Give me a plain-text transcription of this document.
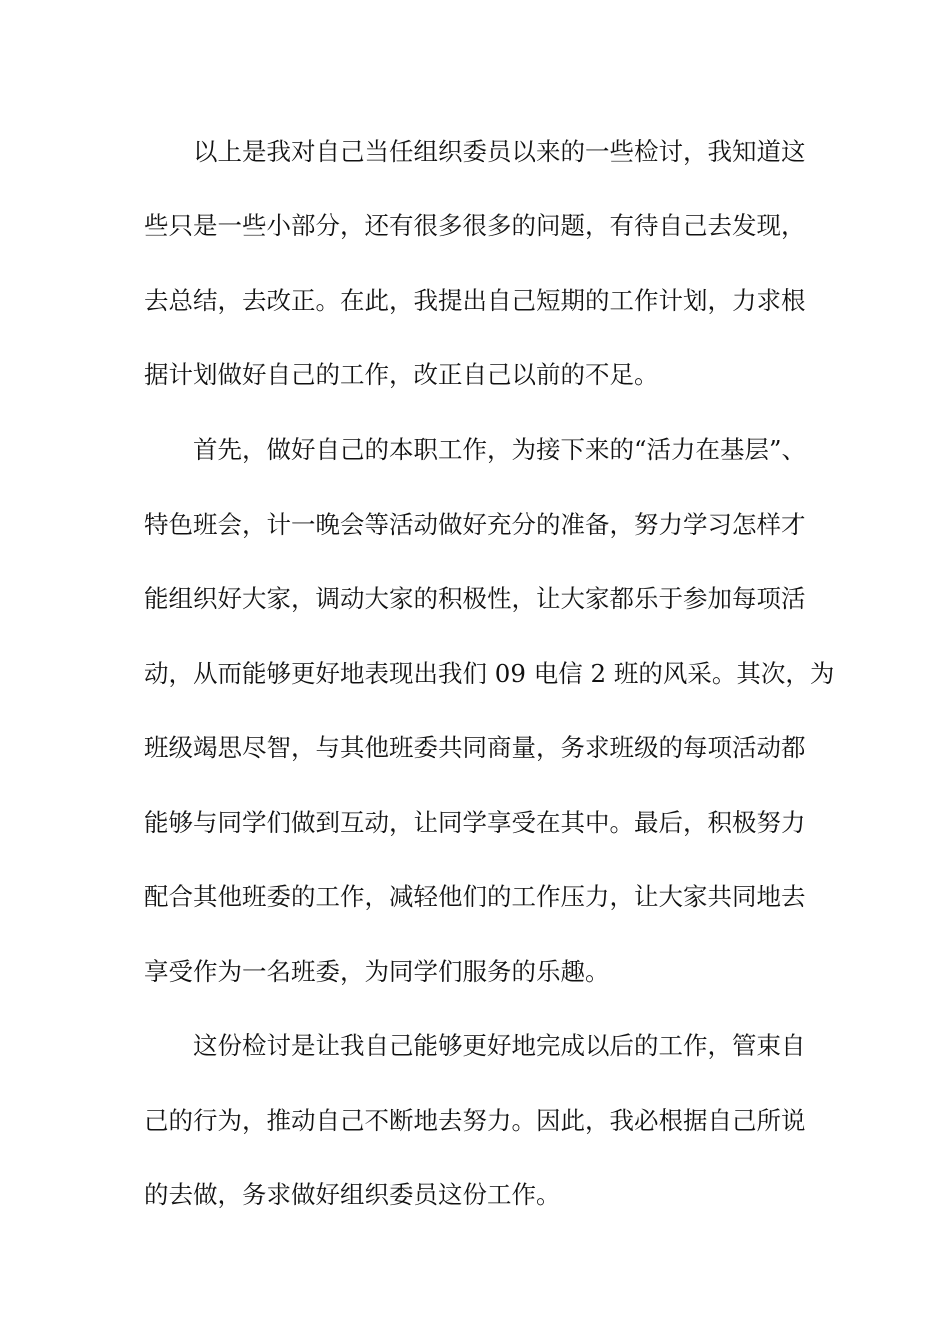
以上是我对自己当任组织委员以来的一些检讨，我知道这
些只是一些小部分，还有很多很多的问题，有待自己去发现，
去总结，去改正。在此，我提出自己短期的工作计划，力求根
据计划做好自己的工作，改正自己以前的不足。
首先，做好自己的本职工作，为接下来的“活力在基层”、
特色班会，计一晚会等活动做好充分的准备，努力学习怎样才
能组织好大家，调动大家的积极性，让大家都乐于参加每项活
动，从而能够更好地表现出我们 09 电信 2 班的风采。其次，为
班级竭思尽智，与其他班委共同商量，务求班级的每项活动都
能够与同学们做到互动，让同学享受在其中。最后，积极努力
配合其他班委的工作，减轻他们的工作压力，让大家共同地去
享受作为一名班委，为同学们服务的乐趣。
这份检讨是让我自己能够更好地完成以后的工作，管束自
己的行为，推动自己不断地去努力。因此，我必根据自己所说
的去做，务求做好组织委员这份工作。
